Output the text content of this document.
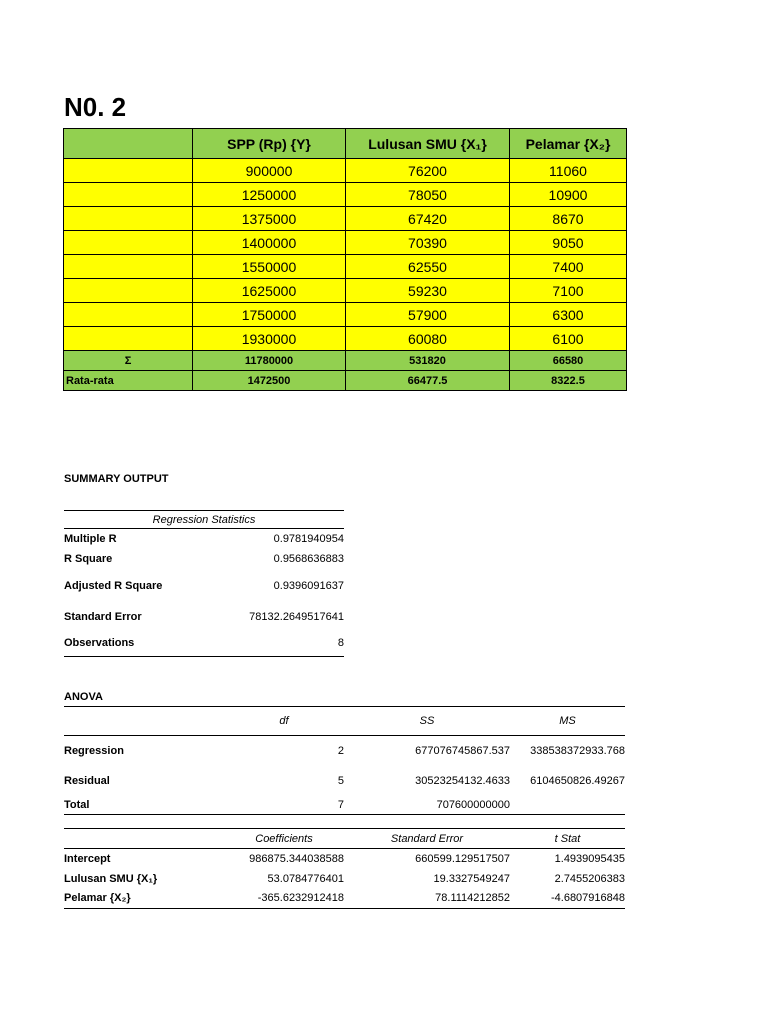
N0. 2
	SPP (Rp) {Y}	Lulusan SMU {X₁}	Pelamar {X₂}
	900000	76200	11060
	1250000	78050	10900
	1375000	67420	8670
	1400000	70390	9050
	1550000	62550	7400
	1625000	59230	7100
	1750000	57900	6300
	1930000	60080	6100
Σ	11780000	531820	66580
Rata-rata	1472500	66477.5	8322.5
SUMMARY OUTPUT
Regression Statistics	
Multiple R	0.9781940954
R Square	0.9568636883
Adjusted R Square	0.9396091637
Standard Error	78132.2649517641
Observations	8
ANOVA
	df	SS	MS
Regression	2	677076745867.537	338538372933.768
Residual	5	30523254132.4633	6104650826.49267
Total	7	707600000000	
	Coefficients	Standard Error	t Stat
Intercept	986875.344038588	660599.129517507	1.4939095435
Lulusan SMU {X₁}	53.0784776401	19.3327549247	2.7455206383
Pelamar {X₂}	-365.6232912418	78.1114212852	-4.6807916848
